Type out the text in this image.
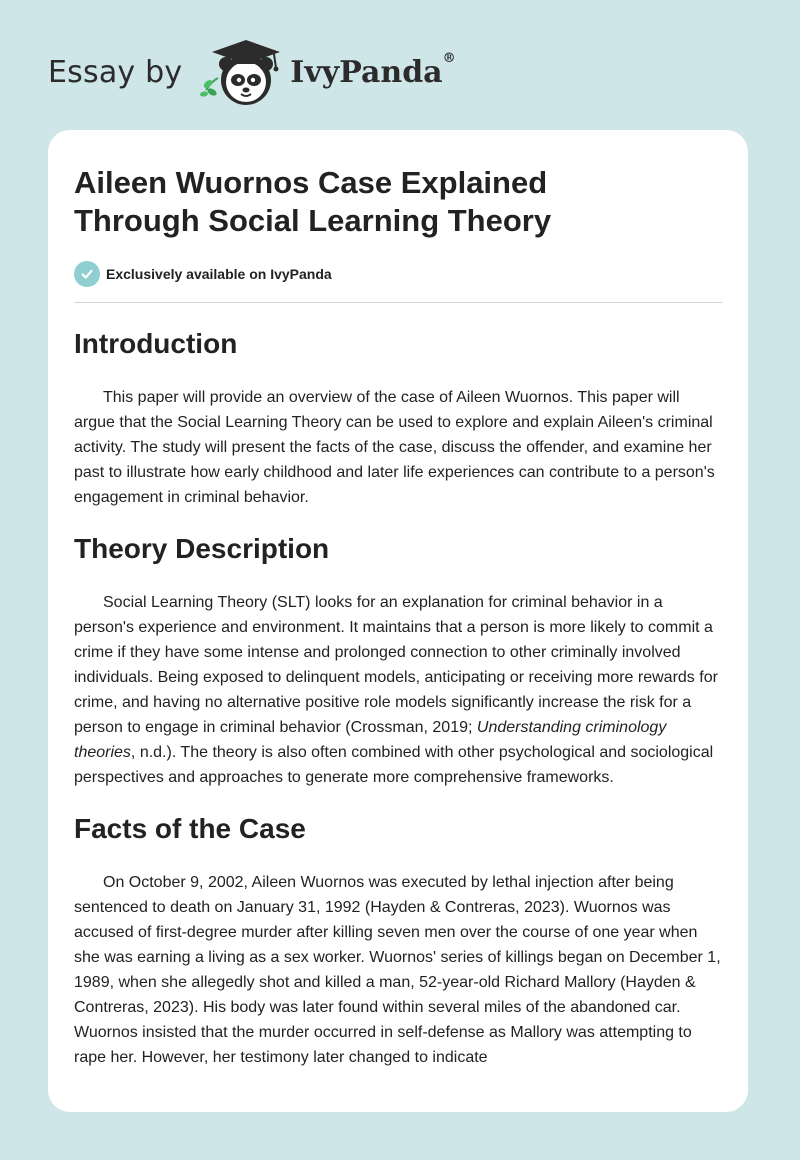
Essay by	IvyPanda®
Aileen Wuornos Case Explained Through Social Learning Theory
Exclusively available on IvyPanda
Introduction

This paper will provide an overview of the case of Aileen Wuornos. This paper will argue that the Social Learning Theory can be used to explore and explain Aileen's criminal activity. The study will present the facts of the case, discuss the offender, and examine her past to illustrate how early childhood and later life experiences can contribute to a person's engagement in criminal behavior.

Theory Description

Social Learning Theory (SLT) looks for an explanation for criminal behavior in a person's experience and environment. It maintains that a person is more likely to commit a crime if they have some intense and prolonged connection to other criminally involved individuals. Being exposed to delinquent models, anticipating or receiving more rewards for crime, and having no alternative positive role models significantly increase the risk for a person to engage in criminal behavior (Crossman, 2019; Understanding criminology theories, n.d.). The theory is also often combined with other psychological and sociological perspectives and approaches to generate more comprehensive frameworks.

Facts of the Case

On October 9, 2002, Aileen Wuornos was executed by lethal injection after being sentenced to death on January 31, 1992 (Hayden & Contreras, 2023). Wuornos was accused of first-degree murder after killing seven men over the course of one year when she was earning a living as a sex worker. Wuornos' series of killings began on December 1, 1989, when she allegedly shot and killed a man, 52-year-old Richard Mallory (Hayden & Contreras, 2023). His body was later found within several miles of the abandoned car. Wuornos insisted that the murder occurred in self-defense as Mallory was attempting to rape her. However, her testimony later changed to indicate
